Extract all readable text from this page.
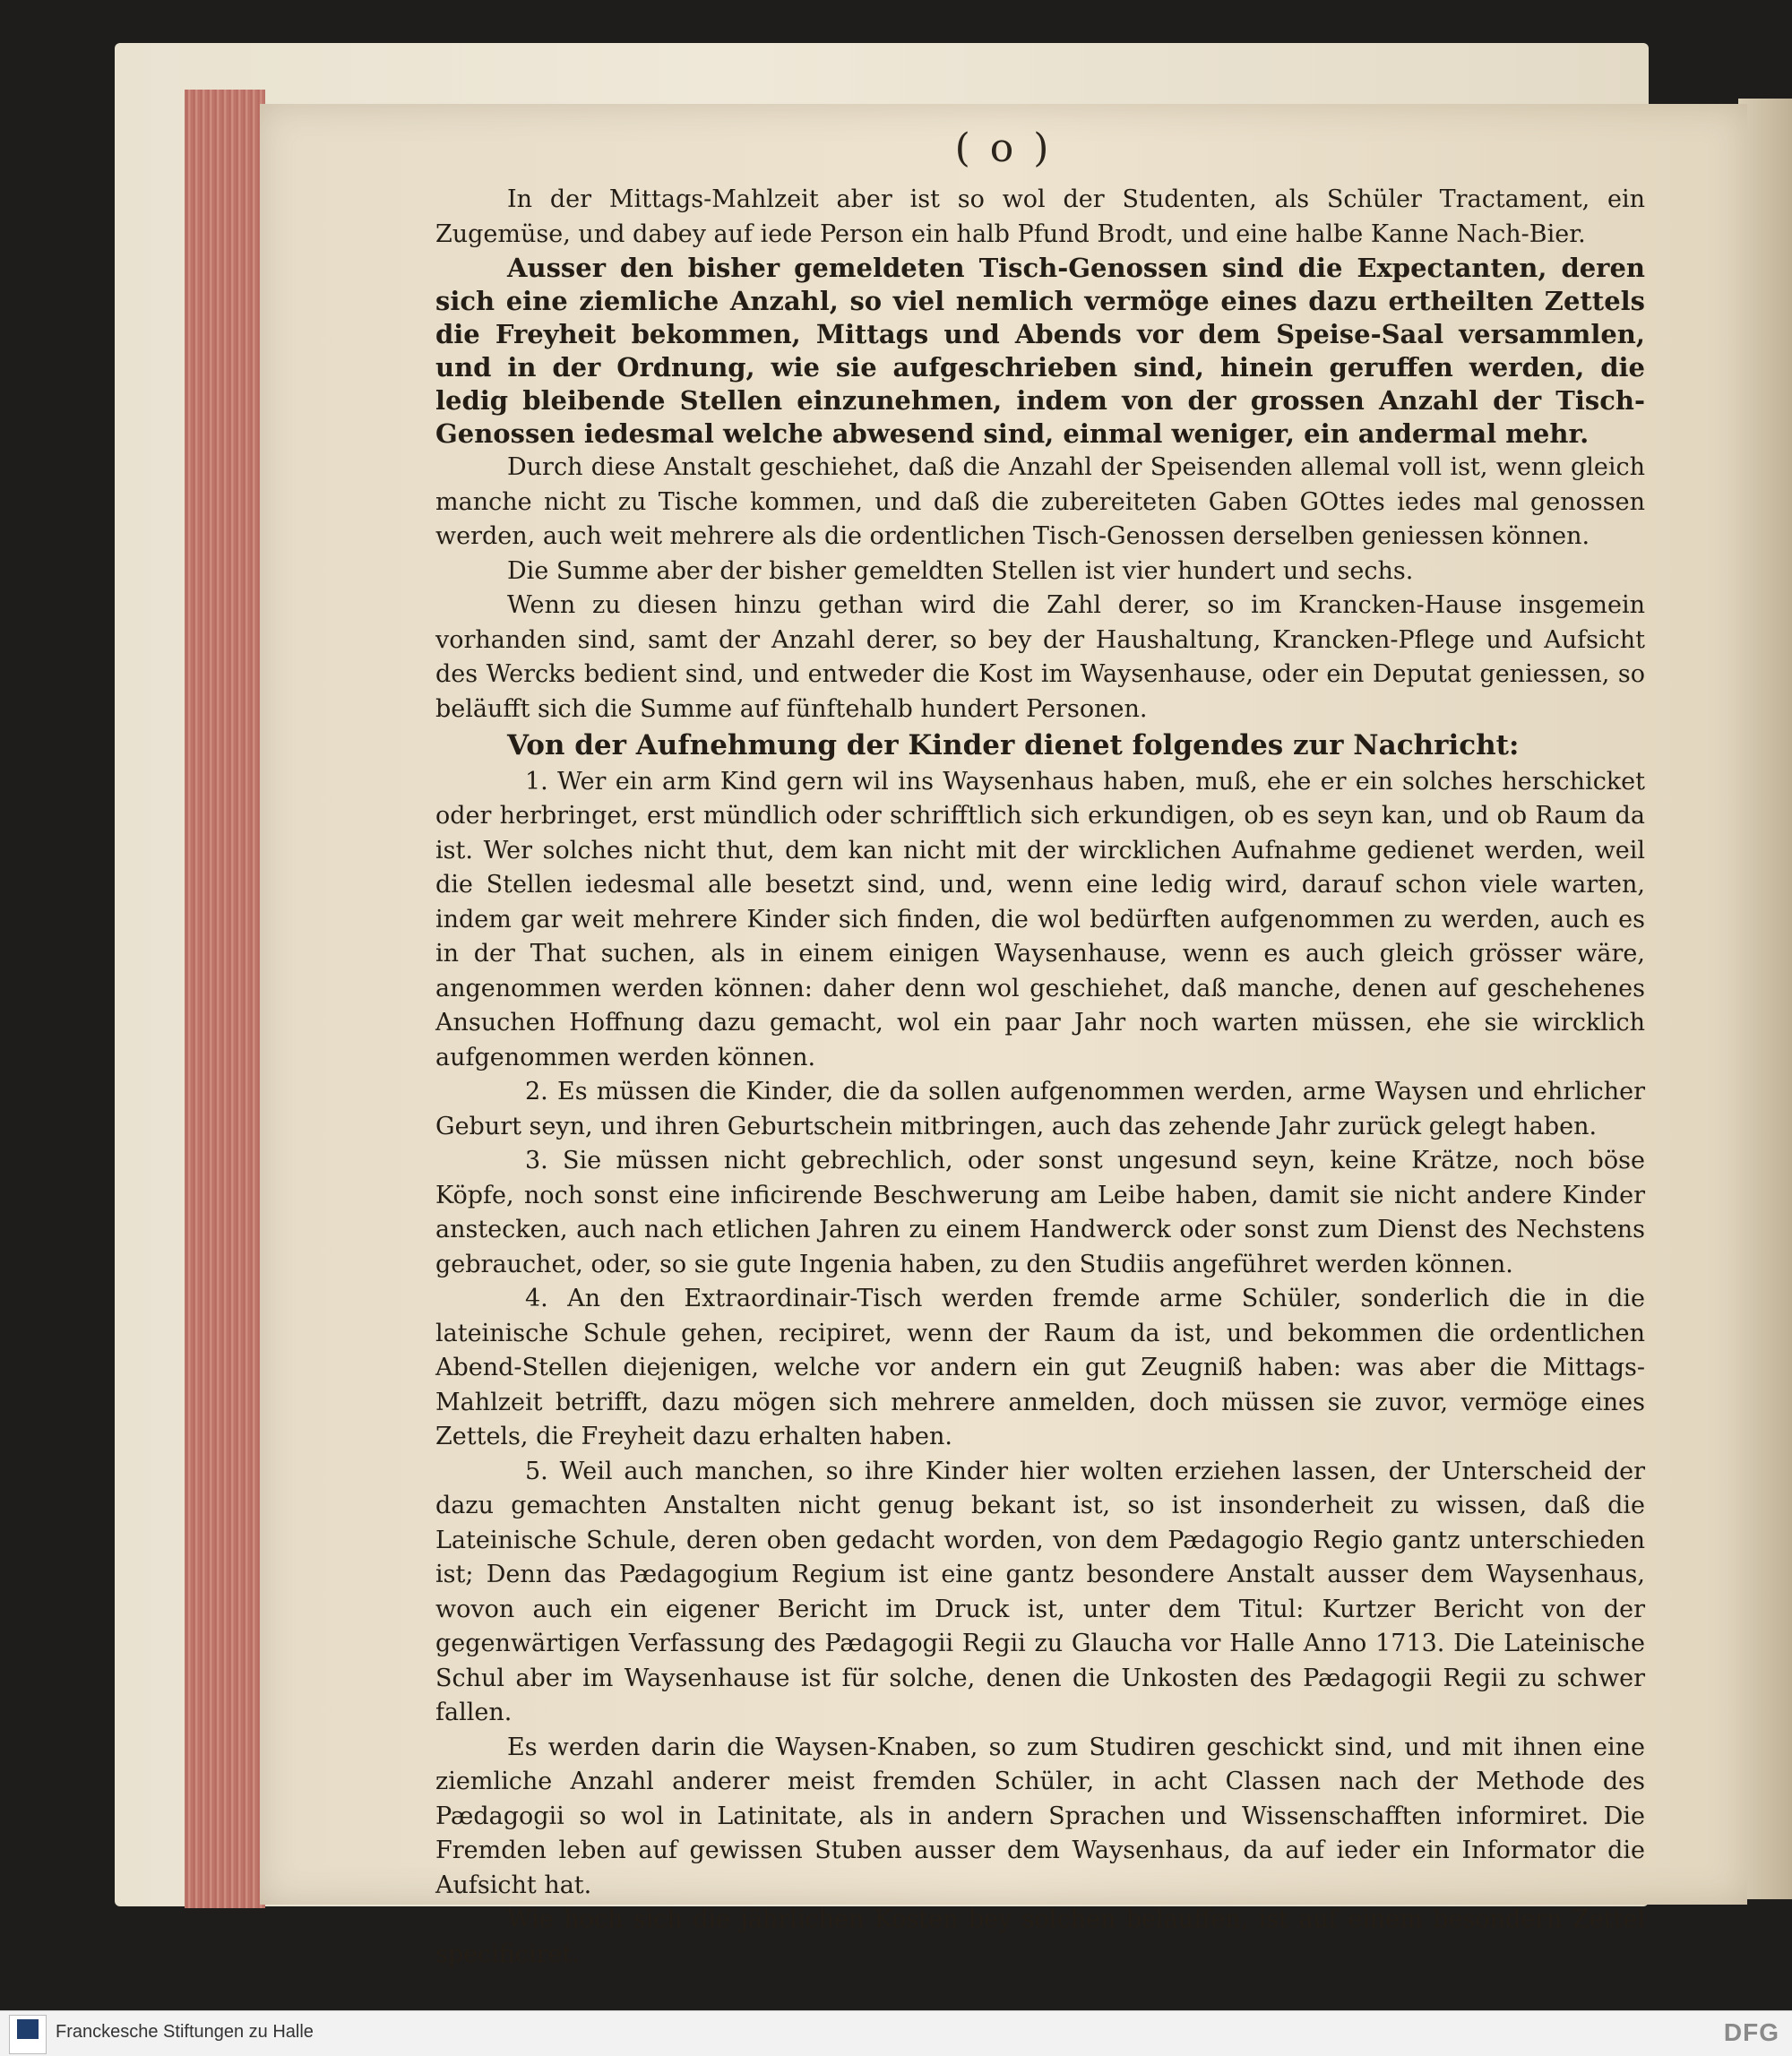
( o )

In der Mittags-Mahlzeit aber ist so wol der Studenten, als Schüler Tractament, ein Zugemüse, und dabey auf iede Person ein halb Pfund Brodt, und eine halbe Kanne Nach-Bier.

Ausser den bisher gemeldeten Tisch-Genossen sind die Expectanten, deren sich eine ziemliche Anzahl, so viel nemlich vermöge eines dazu ertheilten Zettels die Freyheit bekommen, Mittags und Abends vor dem Speise-Saal versammlen, und in der Ordnung, wie sie aufgeschrieben sind, hinein geruffen werden, die ledig bleibende Stellen einzunehmen, indem von der grossen Anzahl der Tisch-Genossen iedesmal welche abwesend sind, einmal weniger, ein andermal mehr.

Durch diese Anstalt geschiehet, daß die Anzahl der Speisenden allemal voll ist, wenn gleich manche nicht zu Tische kommen, und daß die zubereiteten Gaben GOttes iedes mal genossen werden, auch weit mehrere als die ordentlichen Tisch-Genossen derselben geniessen können.

Die Summe aber der bisher gemeldten Stellen ist vier hundert und sechs.

Wenn zu diesen hinzu gethan wird die Zahl derer, so im Krancken-Hause insgemein vorhanden sind, samt der Anzahl derer, so bey der Haushaltung, Krancken-Pflege und Aufsicht des Wercks bedient sind, und entweder die Kost im Waysenhause, oder ein Deputat geniessen, so beläufft sich die Summe auf fünftehalb hundert Personen.

Von der Aufnehmung der Kinder dienet folgendes zur Nachricht:

1. Wer ein arm Kind gern wil ins Waysenhaus haben, muß, ehe er ein solches herschicket oder herbringet, erst mündlich oder schrifftlich sich erkundigen, ob es seyn kan, und ob Raum da ist. Wer solches nicht thut, dem kan nicht mit der wircklichen Aufnahme gedienet werden, weil die Stellen iedesmal alle besetzt sind, und, wenn eine ledig wird, darauf schon viele warten, indem gar weit mehrere Kinder sich finden, die wol bedürften aufgenommen zu werden, auch es in der That suchen, als in einem einigen Waysenhause, wenn es auch gleich grösser wäre, angenommen werden können: daher denn wol geschiehet, daß manche, denen auf geschehenes Ansuchen Hoffnung dazu gemacht, wol ein paar Jahr noch warten müssen, ehe sie wircklich aufgenommen werden können.

2. Es müssen die Kinder, die da sollen aufgenommen werden, arme Waysen und ehrlicher Geburt seyn, und ihren Geburtschein mitbringen, auch das zehende Jahr zurück gelegt haben.

3. Sie müssen nicht gebrechlich, oder sonst ungesund seyn, keine Krätze, noch böse Köpfe, noch sonst eine inficirende Beschwerung am Leibe haben, damit sie nicht andere Kinder anstecken, auch nach etlichen Jahren zu einem Handwerck oder sonst zum Dienst des Nechstens gebrauchet, oder, so sie gute Ingenia haben, zu den Studiis angeführet werden können.

4. An den Extraordinair-Tisch werden fremde arme Schüler, sonderlich die in die lateinische Schule gehen, recipiret, wenn der Raum da ist, und bekommen die ordentlichen Abend-Stellen diejenigen, welche vor andern ein gut Zeugniß haben: was aber die Mittags-Mahlzeit betrifft, dazu mögen sich mehrere anmelden, doch müssen sie zuvor, vermöge eines Zettels, die Freyheit dazu erhalten haben.

5. Weil auch manchen, so ihre Kinder hier wolten erziehen lassen, der Unterscheid der dazu gemachten Anstalten nicht genug bekant ist, so ist insonderheit zu wissen, daß die Lateinische Schule, deren oben gedacht worden, von dem Pædagogio Regio gantz unterschieden ist; Denn das Pædagogium Regium ist eine gantz besondere Anstalt ausser dem Waysenhaus, wovon auch ein eigener Bericht im Druck ist, unter dem Titul: Kurtzer Bericht von der gegenwärtigen Verfassung des Pædagogii Regii zu Glaucha vor Halle Anno 1713. Die Lateinische Schul aber im Waysenhause ist für solche, denen die Unkosten des Pædagogii Regii zu schwer fallen.

Es werden darin die Waysen-Knaben, so zum Studiren geschickt sind, und mit ihnen eine ziemliche Anzahl anderer meist fremden Schüler, in acht Classen nach der Methode des Pædagogii so wol in Latinitate, als in andern Sprachen und Wissenschafften informiret. Die Fremden leben auf gewissen Stuben ausser dem Waysenhaus, da auf ieder ein Informator die Aufsicht hat.

Wie hoch sich die jährlichen Kosten bey solchen belauffen, ist auf einem besondern Zettel specificiret.

Franckesche Stiftungen zu Halle	DFG
